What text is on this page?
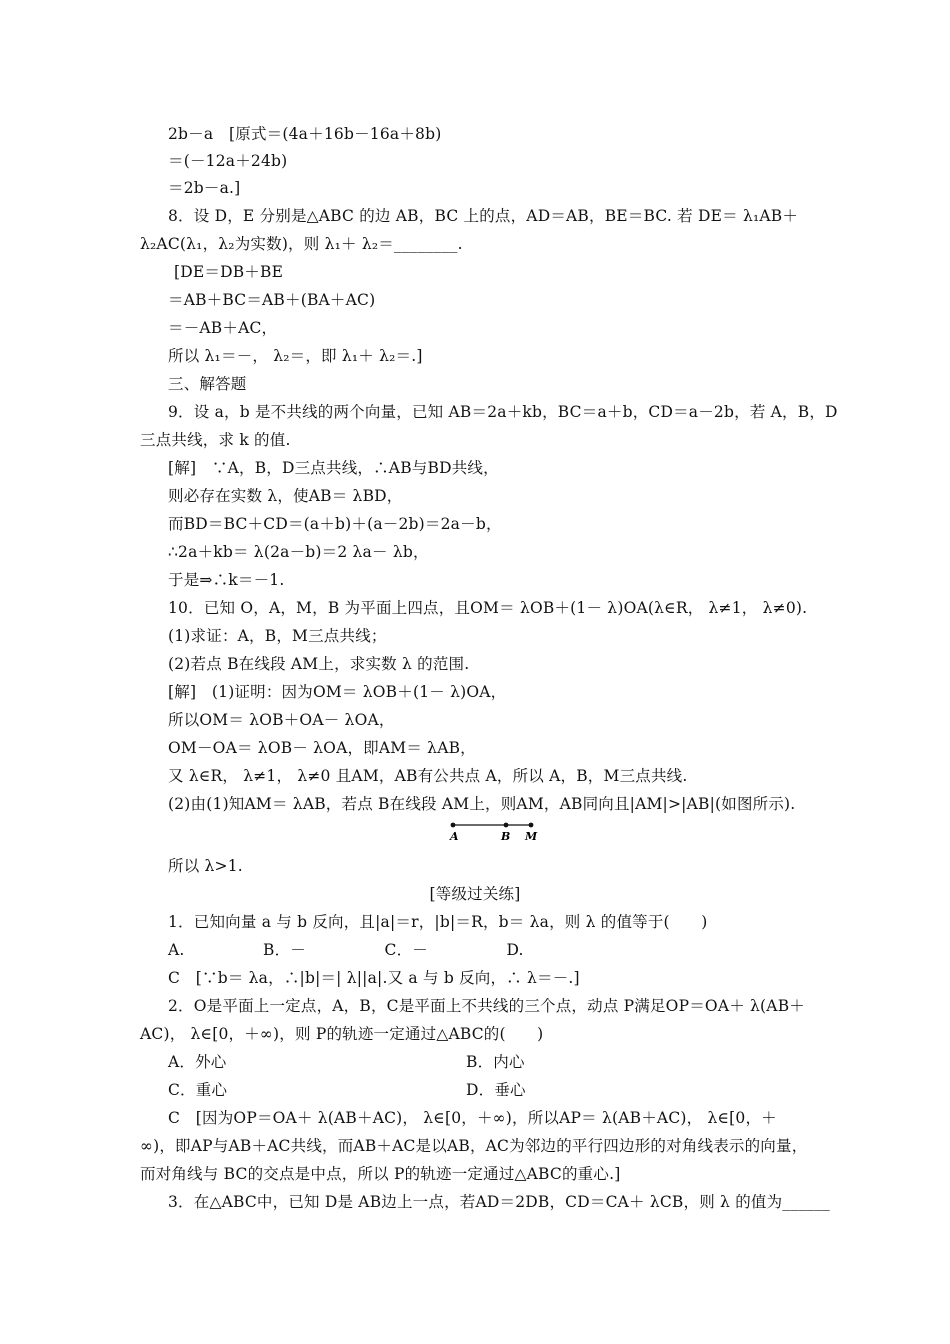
2b－a　[原式＝(4a＋16b－16a＋8b)
＝(－12a＋24b)
＝2b－a.]
8．设 D，E 分别是△ABC 的边 AB，BC 上的点，AD＝AB，BE＝BC. 若 DE＝ λ₁AB＋
λ₂AC(λ₁，λ₂为实数)，则 λ₁＋ λ₂＝________.
[DE＝DB＋BE
＝AB＋BC＝AB＋(BA＋AC)
＝－AB＋AC，
所以 λ₁＝－， λ₂＝，即 λ₁＋ λ₂＝.]
三、解答题
9．设 a，b 是不共线的两个向量，已知 AB＝2a＋kb，BC＝a＋b，CD＝a－2b，若 A，B，D
三点共线，求 k 的值.
[解]　∵A，B，D三点共线，∴AB与BD共线，
则必存在实数 λ，使AB＝ λBD，
而BD＝BC＋CD＝(a＋b)＋(a－2b)＝2a－b，
∴2a＋kb＝ λ(2a－b)＝2 λa－ λb，
于是⇒∴k＝－1.
10．已知 O，A，M，B 为平面上四点，且OM＝ λOB＋(1－ λ)OA(λ∈R， λ≠1， λ≠0).
(1)求证：A，B，M三点共线；
(2)若点 B在线段 AM上，求实数 λ 的范围.
[解]　(1)证明：因为OM＝ λOB＋(1－ λ)OA，
所以OM＝ λOB＋OA－ λOA，
OM－OA＝ λOB－ λOA，即AM＝ λAB，
又 λ∈R， λ≠1， λ≠0 且AM，AB有公共点 A，所以 A，B，M三点共线.
(2)由(1)知AM＝ λAB，若点 B在线段 AM上，则AM，AB同向且|AM|>|AB|(如图所示).
所以 λ>1.
[等级过关练]
1．已知向量 a 与 b 反向，且|a|＝r，|b|＝R，b＝ λa，则 λ 的值等于(　　)
A.　　　　　B．－　　　　　C．－　　　　　D.
C　[∵b＝ λa，∴|b|＝| λ||a|.又 a 与 b 反向，∴ λ＝－.]
2．O是平面上一定点，A，B，C是平面上不共线的三个点，动点 P满足OP＝OA＋ λ(AB＋
AC)， λ∈[0，＋∞)，则 P的轨迹一定通过△ABC的(　　)
A．外心	B．内心
C．重心	D．垂心
C　[因为OP＝OA＋ λ(AB＋AC)， λ∈[0，＋∞)，所以AP＝ λ(AB＋AC)， λ∈[0，＋
∞)，即AP与AB＋AC共线，而AB＋AC是以AB，AC为邻边的平行四边形的对角线表示的向量，
而对角线与 BC的交点是中点，所以 P的轨迹一定通过△ABC的重心.]
3．在△ABC中，已知 D是 AB边上一点，若AD＝2DB，CD＝CA＋ λCB，则 λ 的值为______
A	B M
